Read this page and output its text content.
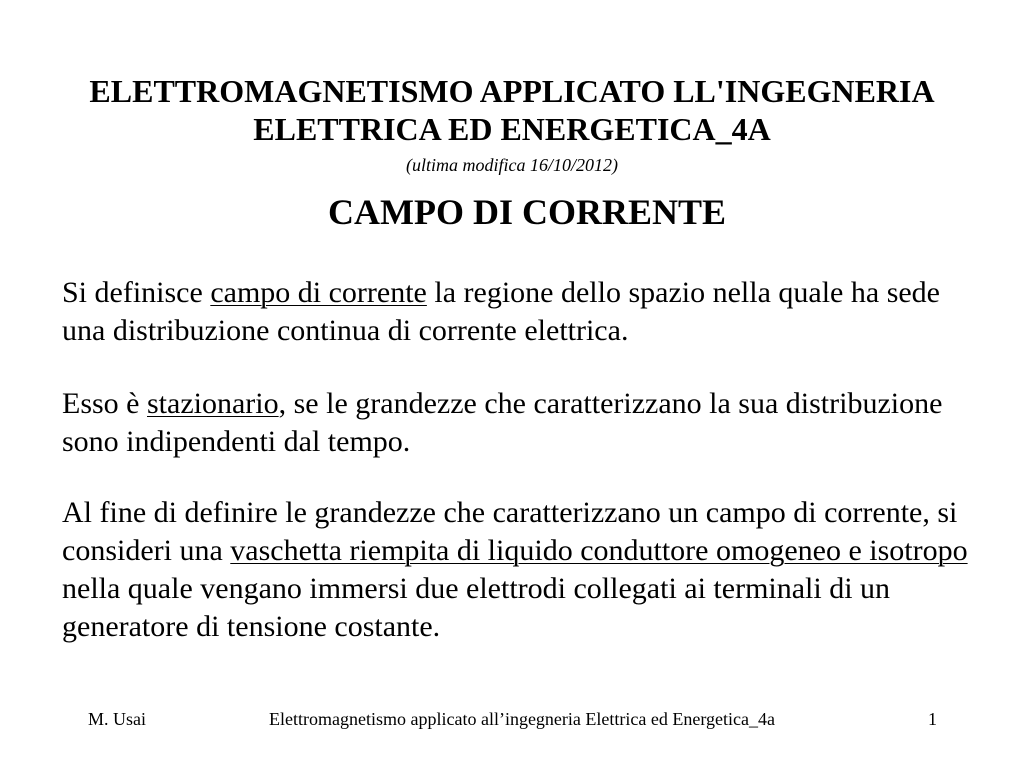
ELETTROMAGNETISMO APPLICATO LL'INGEGNERIA
ELETTRICA ED ENERGETICA_4A
(ultima modifica 16/10/2012)
CAMPO DI CORRENTE

Si definisce campo di corrente la regione dello spazio nella quale ha sede una distribuzione continua di corrente elettrica.

Esso è stazionario, se le grandezze che caratterizzano la sua distribuzione sono indipendenti dal tempo.

Al fine di definire le grandezze che caratterizzano un campo di corrente, si consideri una vaschetta riempita di liquido conduttore omogeneo e isotropo nella quale vengano immersi due elettrodi collegati ai terminali di un generatore di tensione costante.

M. Usai	Elettromagnetismo applicato all’ingegneria Elettrica ed Energetica_4a	1
